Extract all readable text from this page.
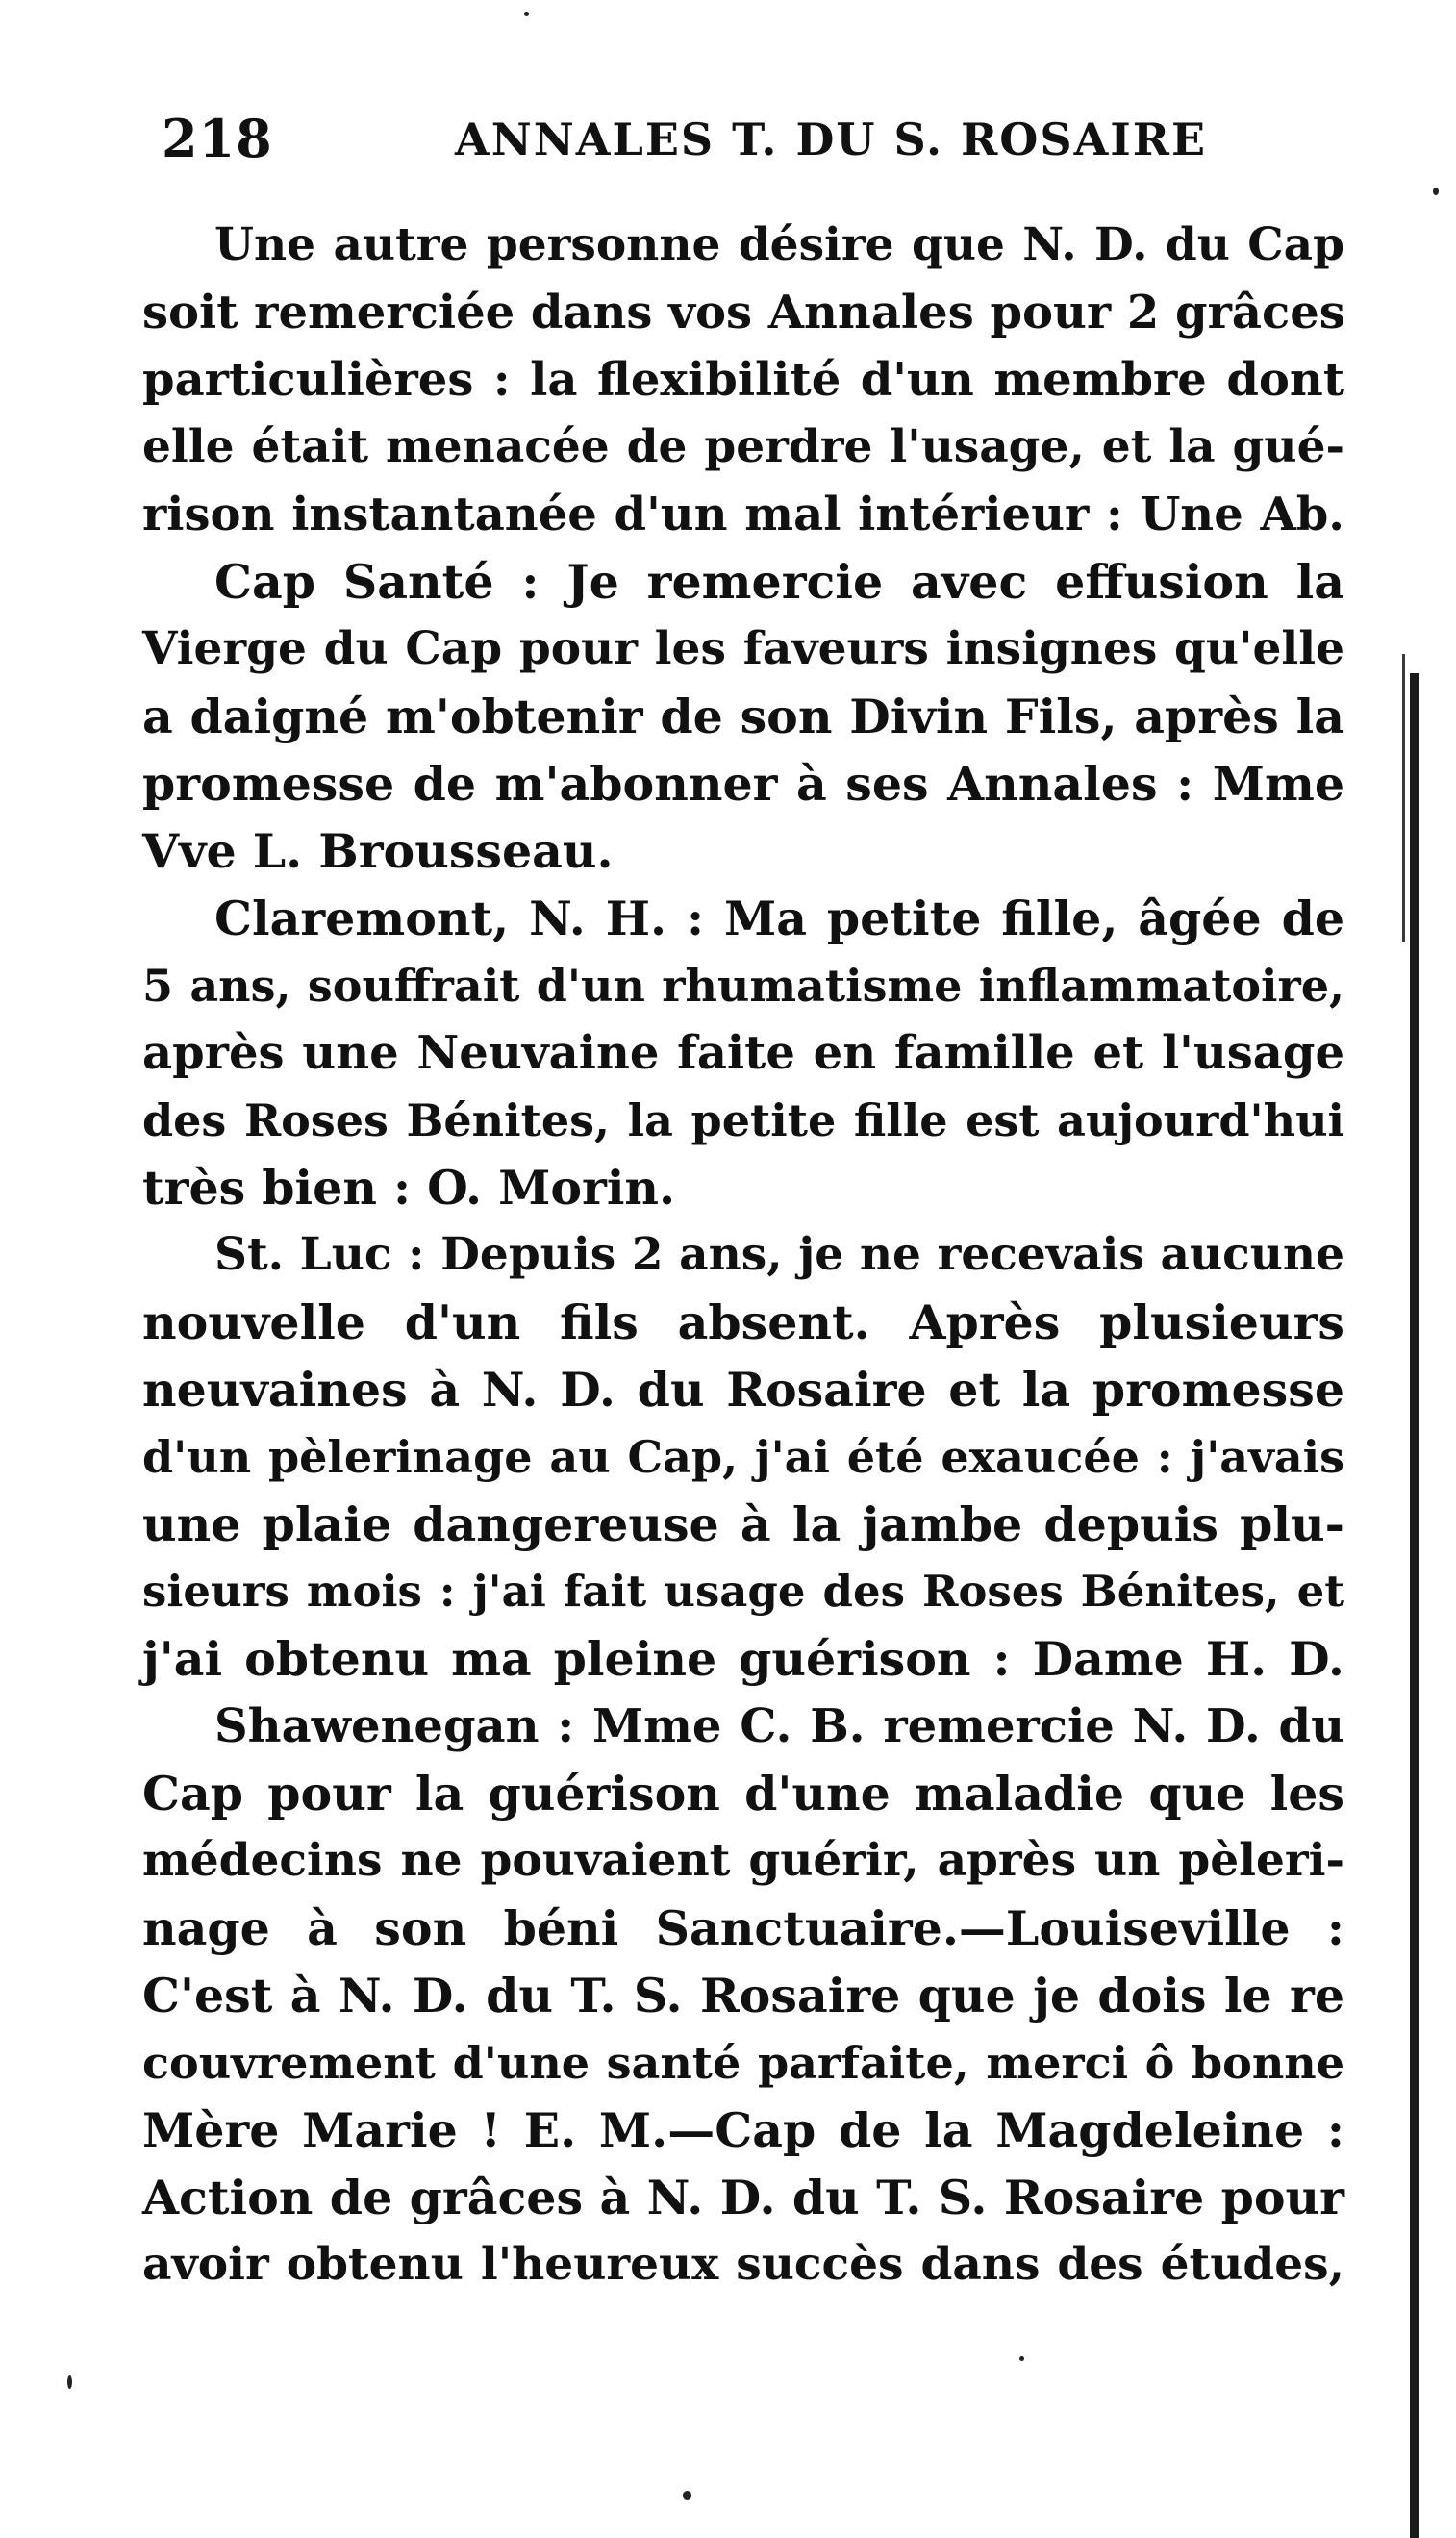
218	ANNALES T. DU S. ROSAIRE
Une autre personne désire que N. D. du Cap
soit remerciée dans vos Annales pour 2 grâces
particulières : la flexibilité d'un membre dont
elle était menacée de perdre l'usage, et la gué-
rison instantanée d'un mal intérieur : Une Ab.
Cap Santé : Je remercie avec effusion la
Vierge du Cap pour les faveurs insignes qu'elle
a daigné m'obtenir de son Divin Fils, après la
promesse de m'abonner à ses Annales : Mme
Vve L. Brousseau.
Claremont, N. H. : Ma petite fille, âgée de
5 ans, souffrait d'un rhumatisme inflammatoire,
après une Neuvaine faite en famille et l'usage
des Roses Bénites, la petite fille est aujourd'hui
très bien : O. Morin.
St. Luc : Depuis 2 ans, je ne recevais aucune
nouvelle d'un fils absent. Après plusieurs
neuvaines à N. D. du Rosaire et la promesse
d'un pèlerinage au Cap, j'ai été exaucée : j'avais
une plaie dangereuse à la jambe depuis plu-
sieurs mois : j'ai fait usage des Roses Bénites, et
j'ai obtenu ma pleine guérison : Dame H. D.
Shawenegan : Mme C. B. remercie N. D. du
Cap pour la guérison d'une maladie que les
médecins ne pouvaient guérir, après un pèleri-
nage à son béni Sanctuaire.—Louiseville :
C'est à N. D. du T. S. Rosaire que je dois le re
couvrement d'une santé parfaite, merci ô bonne
Mère Marie ! E. M.—Cap de la Magdeleine :
Action de grâces à N. D. du T. S. Rosaire pour
avoir obtenu l'heureux succès dans des études,
